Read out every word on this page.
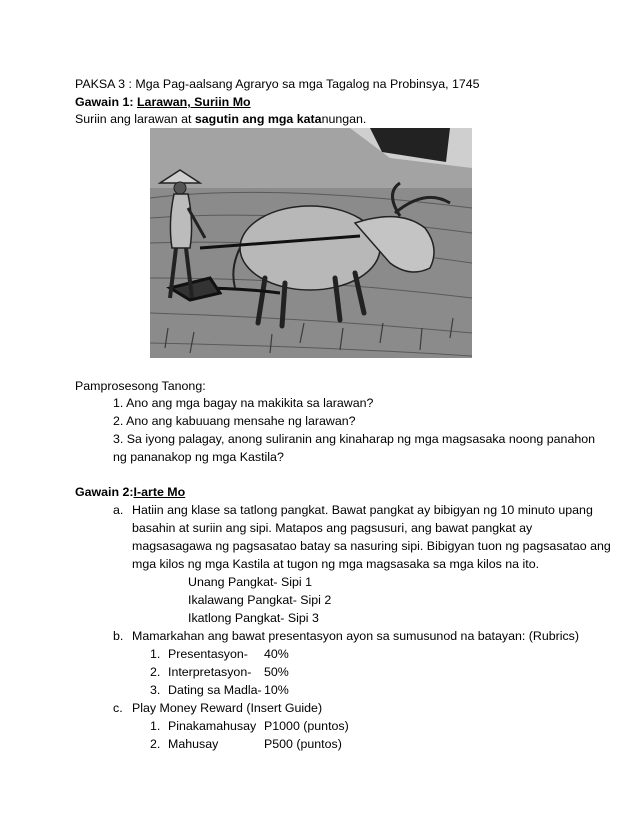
PAKSA 3 : Mga Pag-aalsang Agraryo sa mga Tagalog na Probinsya, 1745
Gawain 1: Larawan, Suriin Mo
Suriin ang larawan at sagutin ang mga katanungan.
Pamprosesong Tanong:
1. Ano ang mga bagay na makikita sa larawan?
2. Ano ang kabuuang mensahe ng larawan?
3. Sa iyong palagay, anong suliranin ang kinaharap ng mga magsasaka noong panahon
ng pananakop ng mga Kastila?
Gawain 2:I-arte Mo
a. Hatiin ang klase sa tatlong pangkat. Bawat pangkat ay bibigyan ng 10 minuto upang
basahin at suriin ang sipi. Matapos ang pagsusuri, ang bawat pangkat ay
magsasagawa ng pagsasatao batay sa nasuring sipi. Bibigyan tuon ng pagsasatao ang
mga kilos ng mga Kastila at tugon ng mga magsasaka sa mga kilos na ito.
Unang Pangkat- Sipi 1
Ikalawang Pangkat- Sipi 2
Ikatlong Pangkat- Sipi 3
b. Mamarkahan ang bawat presentasyon ayon sa sumusunod na batayan: (Rubrics)
1. Presentasyon- 40%
2. Interpretasyon- 50%
3. Dating sa Madla- 10%
c. Play Money Reward (Insert Guide)
1. Pinakamahusay P1000 (puntos)
2. Mahusay	P500 (puntos)
